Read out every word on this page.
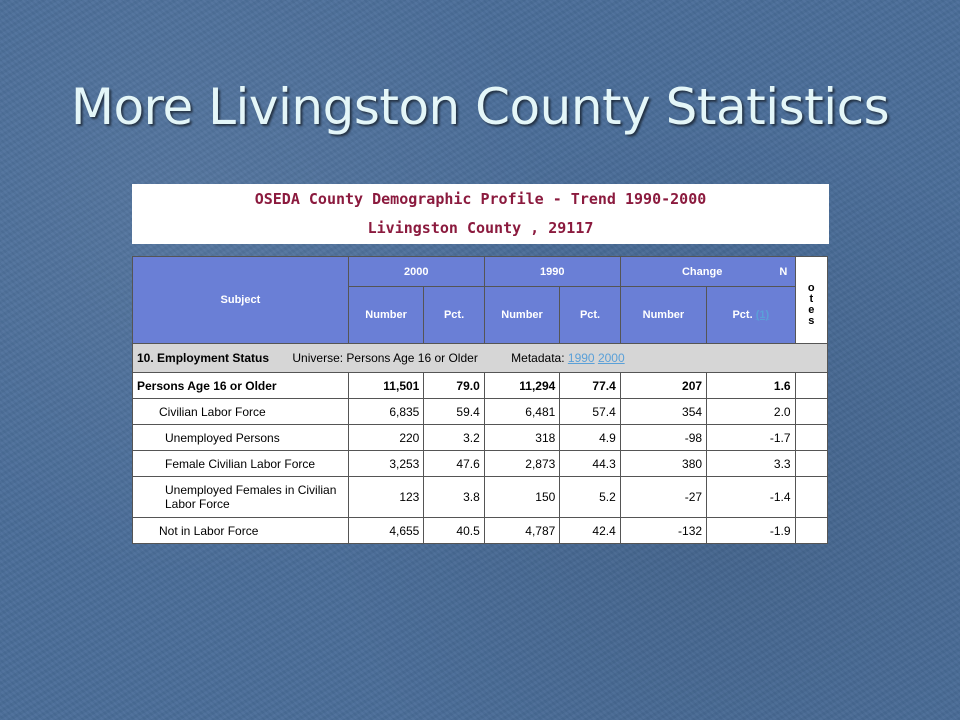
More Livingston County Statistics
OSEDA County Demographic Profile - Trend 1990-2000
Livingston County , 29117
Subject	2000		1990		Change N		o
t
e
s

	Number	Pct.	Number	Pct.	Number	Pct. (1)	
10. Employment Status Universe: Persons Age 16 or Older Metadata: 1990 2000							
Persons Age 16 or Older	11,501	79.0	11,294	77.4	207	1.6	
Civilian Labor Force	6,835	59.4	6,481	57.4	354	2.0	
Unemployed Persons	220	3.2	318	4.9	-98	-1.7	
Female Civilian Labor Force	3,253	47.6	2,873	44.3	380	3.3	
Unemployed Females in Civilian Labor Force	123	3.8	150	5.2	-27	-1.4	
Not in Labor Force	4,655	40.5	4,787	42.4	-132	-1.9	
